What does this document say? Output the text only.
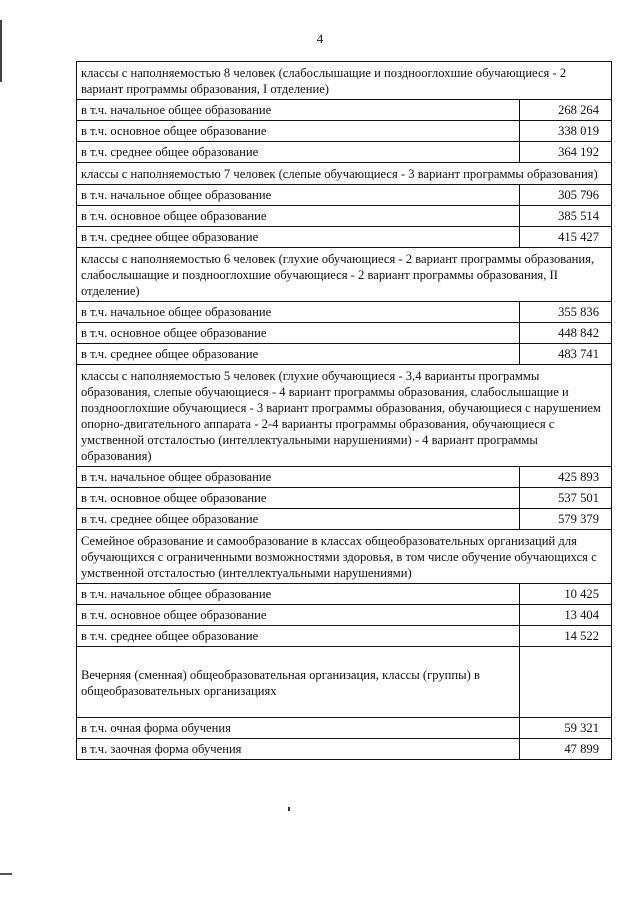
4
классы с наполняемостью 8 человек (слабослышащие и позднооглохшие обучающиеся - 2 вариант программы образования, I отделение)	
в т.ч. начальное общее образование	268 264
в т.ч. основное общее образование	338 019
в т.ч. среднее общее образование	364 192
классы с наполняемостью 7 человек (слепые обучающиеся - 3 вариант программы образования)	
в т.ч. начальное общее образование	305 796
в т.ч. основное общее образование	385 514
в т.ч. среднее общее образование	415 427
классы с наполняемостью 6 человек (глухие обучающиеся - 2 вариант программы образования, слабослышащие и позднооглохшие обучающиеся - 2 вариант программы образования, II отделение)	
в т.ч. начальное общее образование	355 836
в т.ч. основное общее образование	448 842
в т.ч. среднее общее образование	483 741
классы с наполняемостью 5 человек (глухие обучающиеся - 3,4 варианты программы образования, слепые обучающиеся - 4 вариант программы образования, слабослышащие и позднооглохшие обучающиеся - 3 вариант программы образования, обучающиеся с нарушением опорно-двигательного аппарата - 2-4 варианты программы образования, обучающиеся с умственной отсталостью (интеллектуальными нарушениями) - 4 вариант программы образования)	
в т.ч. начальное общее образование	425 893
в т.ч. основное общее образование	537 501
в т.ч. среднее общее образование	579 379
Семейное образование и самообразование в классах общеобразовательных организаций для обучающихся с ограниченными возможностями здоровья, в том числе обучение обучающихся с умственной отсталостью (интеллектуальными нарушениями)	
в т.ч. начальное общее образование	10 425
в т.ч. основное общее образование	13 404
в т.ч. среднее общее образование	14 522
Вечерняя (сменная) общеобразовательная организация, классы (группы) в общеобразовательных организациях	
в т.ч. очная форма обучения	59 321
в т.ч. заочная форма обучения	47 899
